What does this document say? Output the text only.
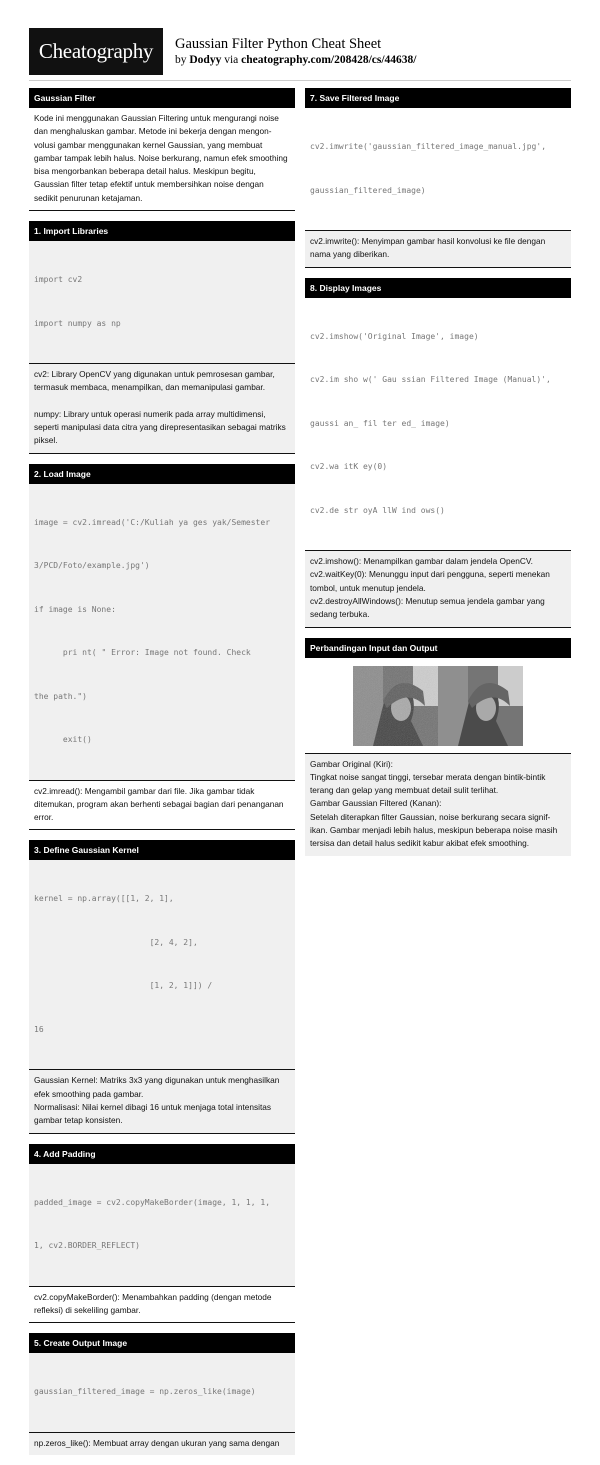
Cheatography	Gaussian Filter Python Cheat Sheet
by Dodyy via cheatography.com/208428/cs/44638/
Gaussian Filter
Kode ini menggunakan Gaussian Filtering untuk mengurangi noise
dan menghaluskan gambar. Metode ini bekerja dengan mengon-
volusi gambar menggunakan kernel Gaussian, yang membuat
gambar tampak lebih halus. Noise berkurang, namun efek smoothing
bisa mengorbankan beberapa detail halus. Meskipun begitu,
Gaussian filter tetap efektif untuk membersihkan noise dengan
sedikit penurunan ketajaman.
1. Import Libraries

import cv2

import numpy as np

cv2: Library OpenCV yang digunakan untuk pemrosesan gambar,
termasuk membaca, menampilkan, dan memanipulasi gambar.
numpy: Library untuk operasi numerik pada array multidimensi,
seperti manipulasi data citra yang direpresentasikan sebagai matriks
piksel.
2. Load Image

image = cv2.imread('C:/Kuliah ya ges yak/Semester

3/PCD/Foto/example.jpg')

if image is None:

pri nt( " Error: Image not found. Check

the path.")

exit()

cv2.imread(): Mengambil gambar dari file. Jika gambar tidak
ditemukan, program akan berhenti sebagai bagian dari penanganan
error.
3. Define Gaussian Kernel

kernel = np.array([[1, 2, 1],

[2, 4, 2],

[1, 2, 1]]) /

16

Gaussian Kernel: Matriks 3x3 yang digunakan untuk menghasilkan
efek smoothing pada gambar.
Normalisasi: Nilai kernel dibagi 16 untuk menjaga total intensitas
gambar tetap konsisten.
4. Add Padding

padded_image = cv2.copyMakeBorder(image, 1, 1, 1,

1, cv2.BORDER_REFLECT)

cv2.copyMakeBorder(): Menambahkan padding (dengan metode
refleksi) di sekeliling gambar.
5. Create Output Image

gaussian_filtered_image = np.zeros_like(image)

np.zeros_like(): Membuat array dengan ukuran yang sama dengan
7. Save Filtered Image

cv2.imwrite('gaussian_filtered_image_manual.jpg',

gaussian_filtered_image)

cv2.imwrite(): Menyimpan gambar hasil konvolusi ke file dengan
nama yang diberikan.
8. Display Images

cv2.imshow('Original Image', image)

cv2.im sho w(' Gau ssian Filtered Image (Manual)',

gaussi an_ fil ter ed_ image)

cv2.wa itK ey(0)

cv2.de str oyA llW ind ows()

cv2.imshow(): Menampilkan gambar dalam jendela OpenCV.
cv2.waitKey(0): Menunggu input dari pengguna, seperti menekan
tombol, untuk menutup jendela.
cv2.destroyAllWindows(): Menutup semua jendela gambar yang
sedang terbuka.
Perbandingan Input dan Output
Gambar Original (Kiri):
Tingkat noise sangat tinggi, tersebar merata dengan bintik-bintik
terang dan gelap yang membuat detail sulit terlihat.
Gambar Gaussian Filtered (Kanan):
Setelah diterapkan filter Gaussian, noise berkurang secara signif-
ikan. Gambar menjadi lebih halus, meskipun beberapa noise masih
tersisa dan detail halus sedikit kabur akibat efek smoothing.
